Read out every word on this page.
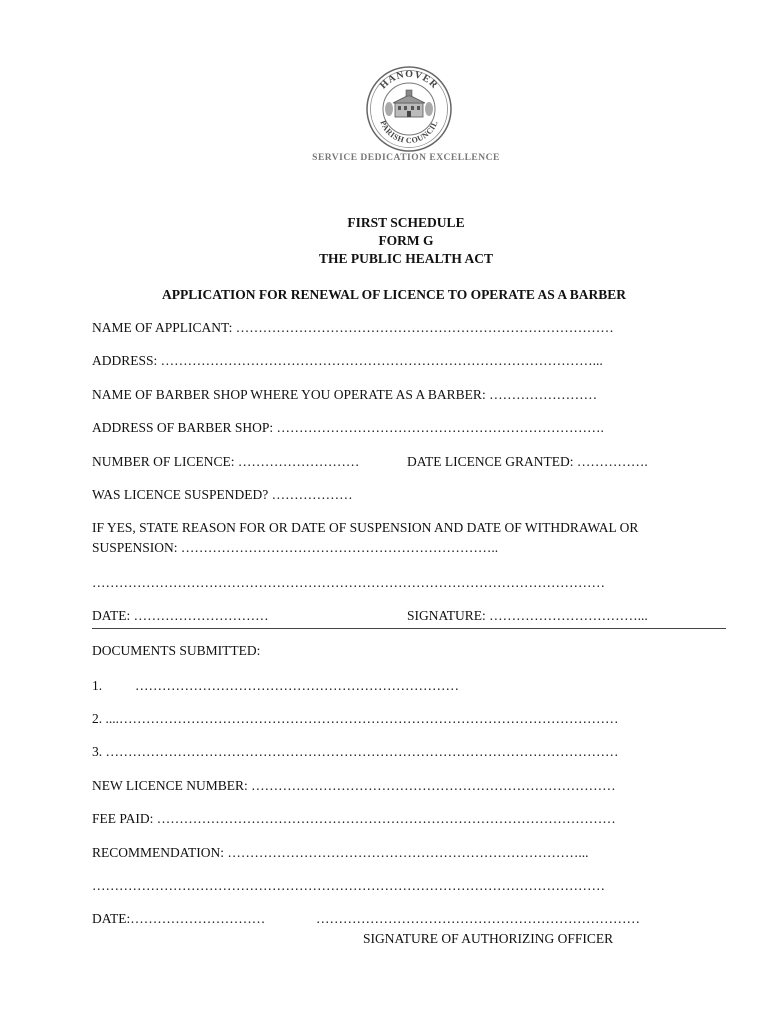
HANOVER
PARISH COUNCIL
SERVICE DEDICATION EXCELLENCE
FIRST SCHEDULE
FORM G
THE PUBLIC HEALTH ACT
APPLICATION FOR RENEWAL OF LICENCE TO OPERATE AS A BARBER
NAME OF APPLICANT: …………………………………………………………………………
ADDRESS: ……………………………………………………………………………………...
NAME OF BARBER SHOP WHERE YOU OPERATE AS A BARBER: ……………………
ADDRESS OF BARBER SHOP: ……………………………………………………………….
NUMBER OF LICENCE: ………………………	DATE LICENCE GRANTED: …………….
WAS LICENCE SUSPENDED? ………………
IF YES, STATE REASON FOR OR DATE OF SUSPENSION AND DATE OF WITHDRAWAL OR
SUSPENSION: ……………………………………………………………..
……………………………………………………………………………………………………
DATE: …………………………	SIGNATURE: ……………………………...
DOCUMENTS SUBMITTED:
1. ………………………………………………………………
2. ....…………………………………………………………………………………………………
3. ……………………………………………………………………………………………………
NEW LICENCE NUMBER: ………………………………………………………………………
FEE PAID: …………………………………………………………………………………………
RECOMMENDATION: ……………………………………………………………………...
……………………………………………………………………………………………………
DATE:…………………………	………………………………………………………………
SIGNATURE OF AUTHORIZING OFFICER
